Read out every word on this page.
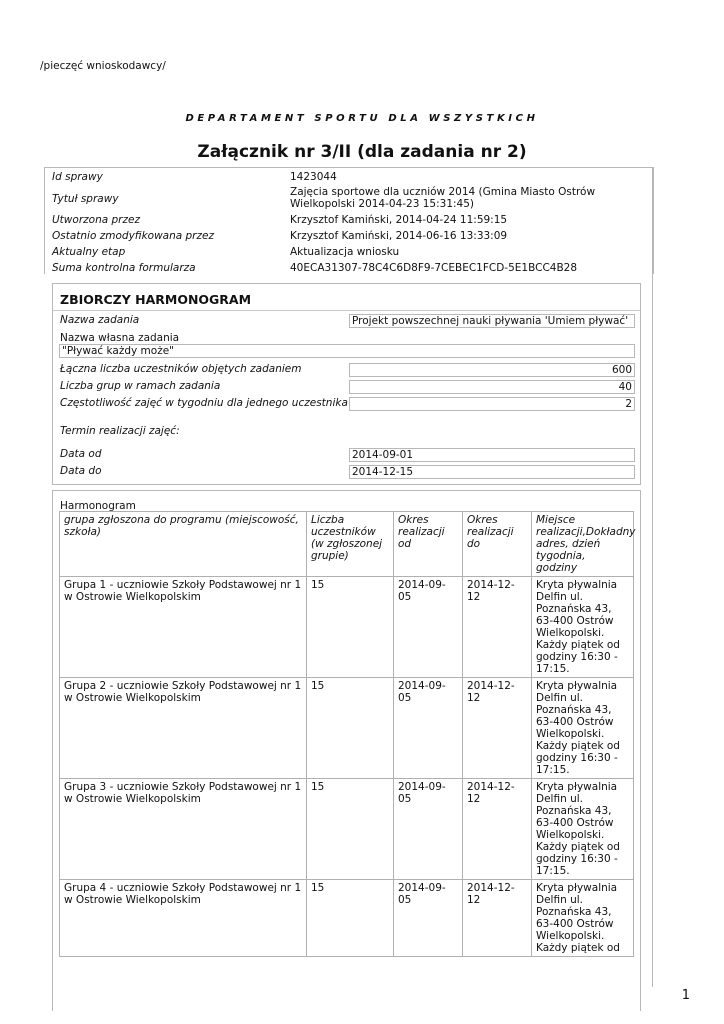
/pieczęć wnioskodawcy/
DEPARTAMENT SPORTU DLA WSZYSTKICH
Załącznik nr 3/II (dla zadania nr 2)
Id sprawy	1423044
Tytuł sprawy
Zajęcia sportowe dla uczniów 2014 (Gmina Miasto Ostrów Wielkopolski 2014-04-23 15:31:45)
Utworzona przez	Krzysztof Kamiński, 2014-04-24 11:59:15
Ostatnio zmodyfikowana przez	Krzysztof Kamiński, 2014-06-16 13:33:09
Aktualny etap	Aktualizacja wniosku
Suma kontrolna formularza	40ECA31307-78C4C6D8F9-7CEBEC1FCD-5E1BCC4B28
ZBIORCZY HARMONOGRAM
Nazwa zadania	Projekt powszechnej nauki pływania 'Umiem pływać'
Nazwa własna zadania
"Pływać każdy może"
Łączna liczba uczestników objętych zadaniem	600
Liczba grup w ramach zadania	40
Częstotliwość zajęć w tygodniu dla jednego uczestnika	2
Termin realizacji zajęć:
Data od	2014-09-01
Data do	2014-12-15
Harmonogram
grupa zgłoszona do programu (miejscowość, szkoła)	Liczba uczestników (w zgłoszonej grupie)	Okres realizacji od	Okres realizacji do	Miejsce realizacji,Dokładny adres, dzień tygodnia, godziny
Grupa 1 - uczniowie Szkoły Podstawowej nr 1 w Ostrowie Wielkopolskim	15	2014-09-05	2014-12-12	Kryta pływalnia Delfin ul. Poznańska 43, 63-400 Ostrów Wielkopolski. Każdy piątek od godziny 16:30 - 17:15.
Grupa 2 - uczniowie Szkoły Podstawowej nr 1 w Ostrowie Wielkopolskim	15	2014-09-05	2014-12-12	Kryta pływalnia Delfin ul. Poznańska 43, 63-400 Ostrów Wielkopolski. Każdy piątek od godziny 16:30 - 17:15.
Grupa 3 - uczniowie Szkoły Podstawowej nr 1 w Ostrowie Wielkopolskim	15	2014-09-05	2014-12-12	Kryta pływalnia Delfin ul. Poznańska 43, 63-400 Ostrów Wielkopolski. Każdy piątek od godziny 16:30 - 17:15.
Grupa 4 - uczniowie Szkoły Podstawowej nr 1 w Ostrowie Wielkopolskim	15	2014-09-05	2014-12-12	Kryta pływalnia Delfin ul. Poznańska 43, 63-400 Ostrów Wielkopolski. Każdy piątek od
1
